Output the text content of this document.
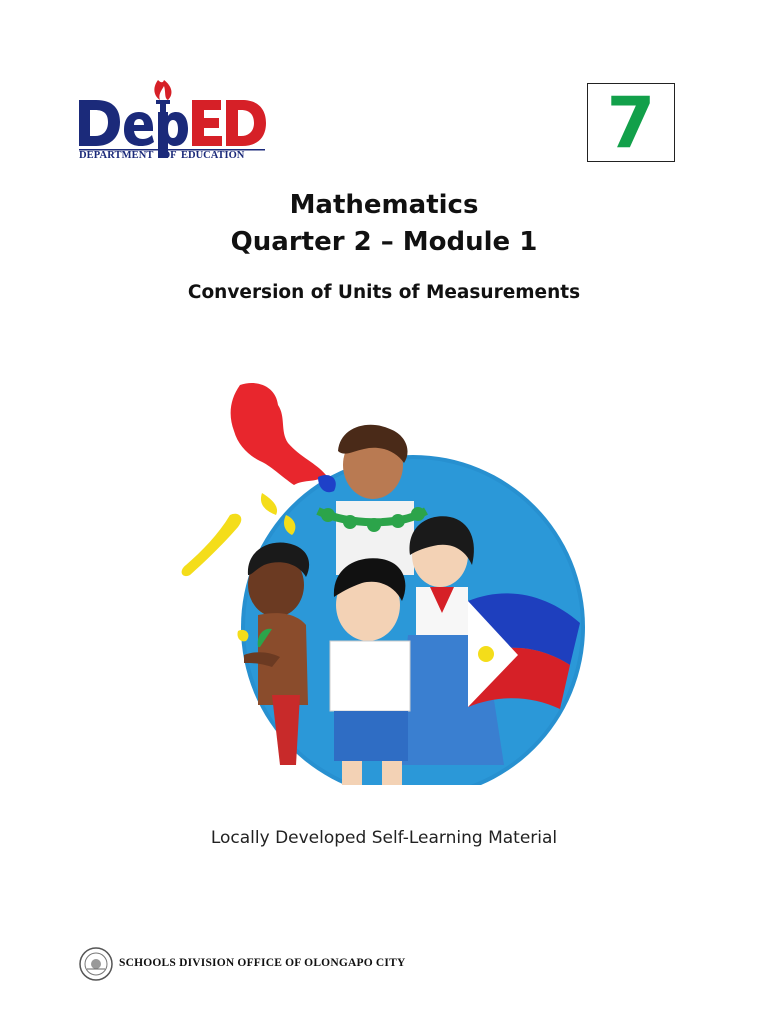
DEPARTMENT OF EDUCATION	7
Mathematics
Quarter 2 – Module 1
Conversion of Units of Measurements
Locally Developed Self-Learning Material
SCHOOLS DIVISION OFFICE OF OLONGAPO CITY
